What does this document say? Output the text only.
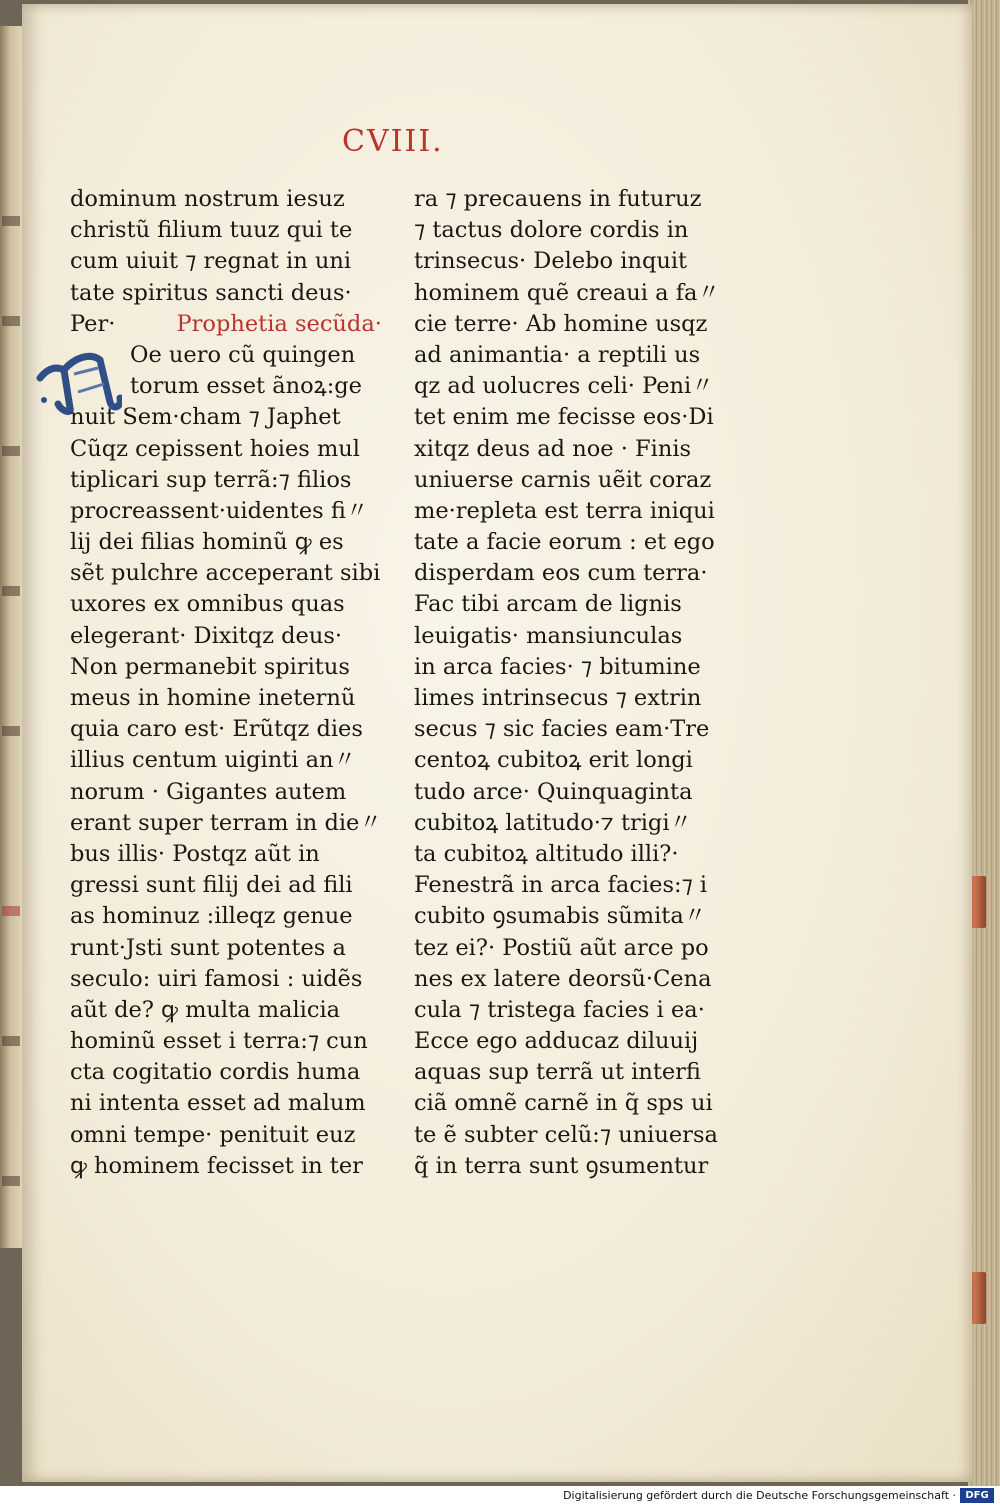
CVIII.
dominum nostrum iesuz
christũ filium tuuz qui te
cum uiuit ⁊ regnat in uni
tate spiritus sancti deus·
Per·	Prophetia secũda·
Oe uero cũ quingen
torum esset ãnoꝝ:ge
nuit Sem·cham ⁊ Japhet
Cũqz cepissent hoies mul
tiplicari sup terrã:⁊ filios
procreassent·uidentes fi〃
lij dei filias hominũ ꝙ es
sẽt pulchre acceperant sibi
uxores ex omnibus quas
elegerant· Dixitqz deus·
Non permanebit spiritus
meus in homine ineternũ
quia caro est· Erũtqz dies
illius centum uiginti an〃
norum · Gigantes autem
erant super terram in die〃
bus illis· Postqz aũt in
gressi sunt filij dei ad fili
as hominuz :illeqz genue
runt·Jsti sunt potentes a
seculo: uiri famosi : uidẽs
aũt de? ꝙ multa malicia
hominũ esset i terra:⁊ cun
cta cogitatio cordis huma
ni intenta esset ad malum
omni tempe· penituit euz
ꝙ hominem fecisset in ter
ra ⁊ precauens in futuruz
⁊ tactus dolore cordis in
trinsecus· Delebo inquit
hominem quẽ creaui a fa〃
cie terre· Ab homine usqz
ad animantia· a reptili us
qz ad uolucres celi· Peni〃
tet enim me fecisse eos·Di
xitqz deus ad noe · Finis
uniuerse carnis uẽit coraz
me·repleta est terra iniqui
tate a facie eorum : et ego
disperdam eos cum terra·
Fac tibi arcam de lignis
leuigatis· mansiunculas
in arca facies· ⁊ bitumine
limes intrinsecus ⁊ extrin
secus ⁊ sic facies eam·Tre
centoꝝ cubitoꝝ erit longi
tudo arce· Quinquaginta
cubitoꝝ latitudo·⁊ trigi〃
ta cubitoꝝ altitudo illi?·
Fenestrã in arca facies:⁊ i
cubito ꝯsumabis sũmita〃
tez ei?· Postiũ aũt arce po
nes ex latere deorsũ·Cena
cula ⁊ tristega facies i ea·
Ecce ego adducaz diluuij
aquas sup terrã ut interfi
ciã omnẽ carnẽ in q̃ sps ui
te ẽ subter celũ:⁊ uniuersa
q̃ in terra sunt ꝯsumentur
Digitalisierung gefördert durch die Deutsche Forschungsgemeinschaft · DFG
